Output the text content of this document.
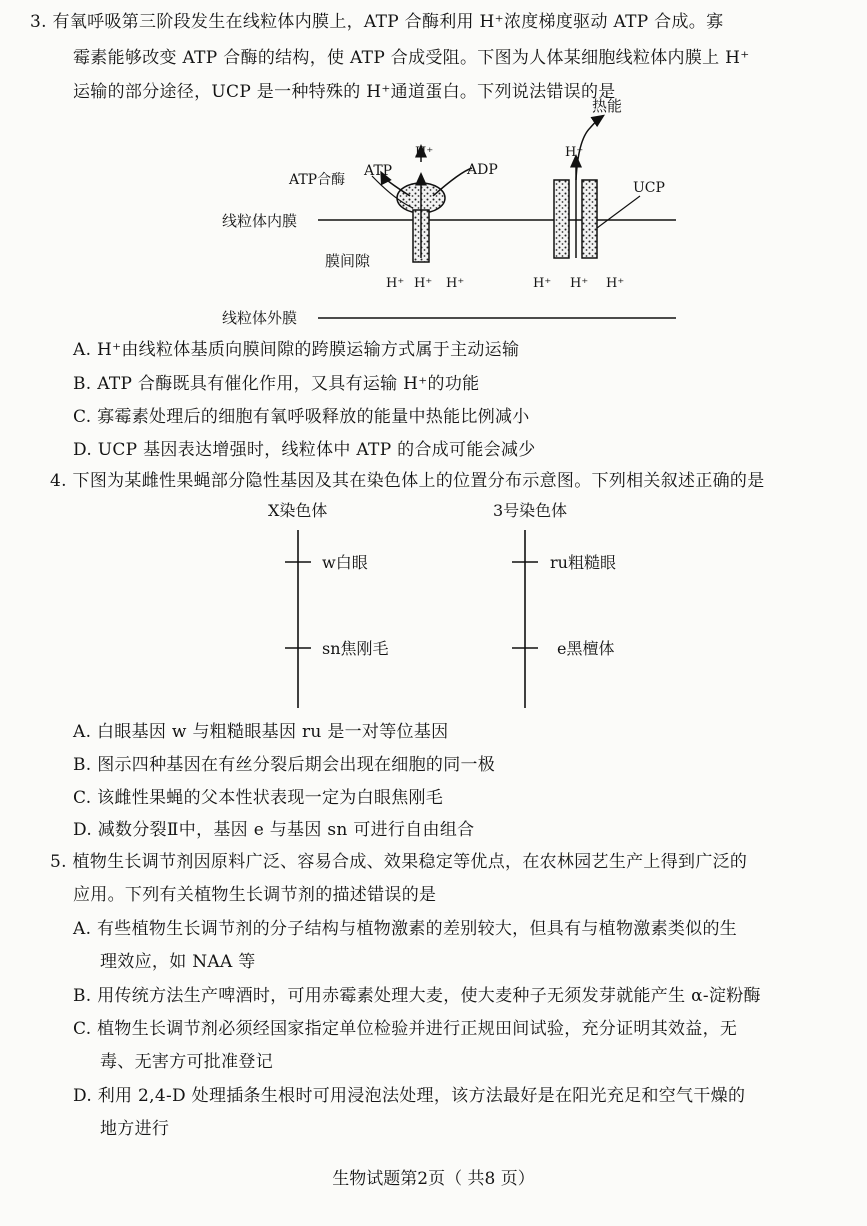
3. 有氧呼吸第三阶段发生在线粒体内膜上，ATP 合酶利用 H⁺浓度梯度驱动 ATP 合成。寡
霉素能够改变 ATP 合酶的结构，使 ATP 合成受阻。下图为人体某细胞线粒体内膜上 H⁺
运输的部分途径，UCP 是一种特殊的 H⁺通道蛋白。下列说法错误的是
热能
H⁺	H⁺
ATP合酶
ATP	ADP
UCP
线粒体内膜
膜间隙
线粒体外膜
H⁺ H⁺ H⁺	H⁺ H⁺ H⁺
A. H⁺由线粒体基质向膜间隙的跨膜运输方式属于主动运输
B. ATP 合酶既具有催化作用，又具有运输 H⁺的功能
C. 寡霉素处理后的细胞有氧呼吸释放的能量中热能比例减小
D. UCP 基因表达增强时，线粒体中 ATP 的合成可能会减少
4. 下图为某雌性果蝇部分隐性基因及其在染色体上的位置分布示意图。下列相关叙述正确的是
X染色体	3号染色体
w白眼
sn焦刚毛
ru粗糙眼
e黑檀体
A. 白眼基因 w 与粗糙眼基因 ru 是一对等位基因
B. 图示四种基因在有丝分裂后期会出现在细胞的同一极
C. 该雌性果蝇的父本性状表现一定为白眼焦刚毛
D. 减数分裂Ⅱ中，基因 e 与基因 sn 可进行自由组合
5. 植物生长调节剂因原料广泛、容易合成、效果稳定等优点，在农林园艺生产上得到广泛的
应用。下列有关植物生长调节剂的描述错误的是
A. 有些植物生长调节剂的分子结构与植物激素的差别较大，但具有与植物激素类似的生
理效应，如 NAA 等
B. 用传统方法生产啤酒时，可用赤霉素处理大麦，使大麦种子无须发芽就能产生 α-淀粉酶
C. 植物生长调节剂必须经国家指定单位检验并进行正规田间试验，充分证明其效益，无
毒、无害方可批准登记
D. 利用 2,4-D 处理插条生根时可用浸泡法处理，该方法最好是在阳光充足和空气干燥的
地方进行
生物试题第2页（ 共8 页）
